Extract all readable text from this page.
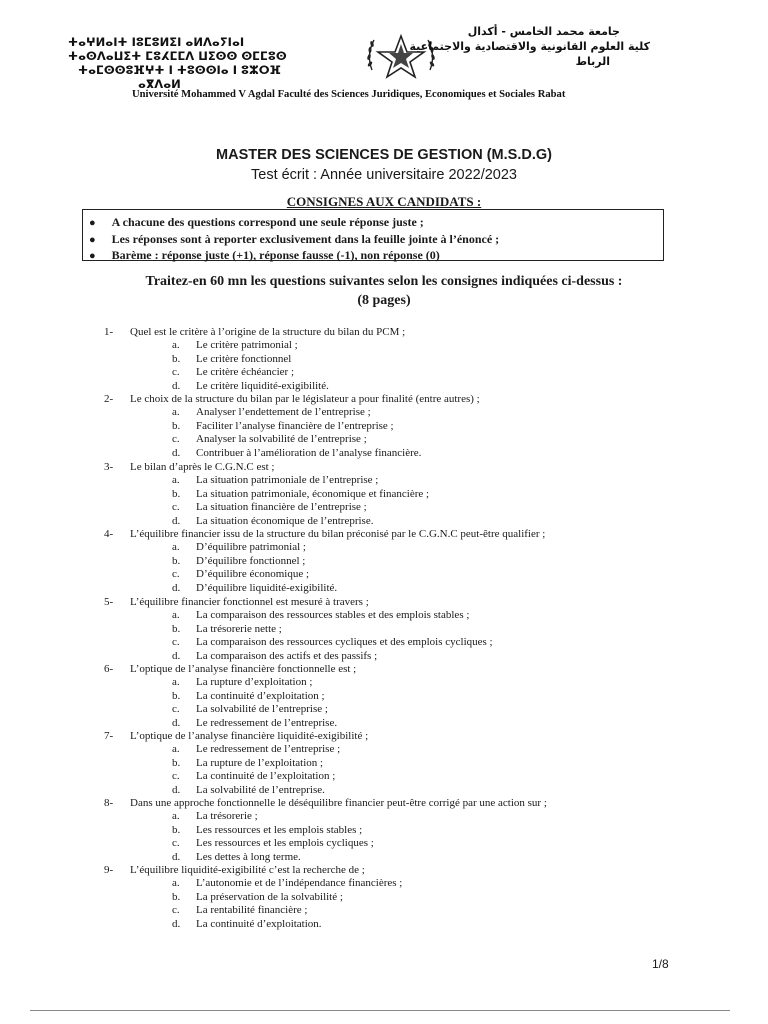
ⵜⴰⵖⵍⴰⵏⵜ ⵏⵓⵎⵓⵍⵉⵏ ⴰⵍⴷⴰⵢⵏⴰⵏ
ⵜⴰⵙⴷⴰⵡⵉⵜ ⵎⵓⵃⵎⵎⴷ ⵡⵉⵙⵙ ⵙⵎⵎⵓⵙ
ⵜⴰⵎⵙⵙⵓⴼⵖⵜ ⵏ ⵜⵓⵙⵙⵏⴰ ⵏ ⵓⵣⵔⴼ
ⴰⴳⴷⴰⵍ
جامعة محمد الخامس - أكدال
كلية العلوم القانونية والاقتصادية والاجتماعية
الرباط
Université Mohammed V Agdal Faculté des Sciences Juridiques, Economiques et Sociales Rabat
MASTER DES SCIENCES DE GESTION (M.S.D.G)
Test écrit : Année universitaire 2022/2023
CONSIGNES AUX CANDIDATS :
● A chacune des questions correspond une seule réponse juste ;
● Les réponses sont à reporter exclusivement dans la feuille jointe à l’énoncé ;
● Barème : réponse juste (+1), réponse fausse (-1), non réponse (0)
Traitez-en 60 mn les questions suivantes selon les consignes indiquées ci-dessus :
(8 pages)
1- Quel est le critère à l’origine de la structure du bilan du PCM ;
a. Le critère patrimonial ;
b. Le critère fonctionnel
c. Le critère échéancier ;
d. Le critère liquidité-exigibilité.
2- Le choix de la structure du bilan par le législateur a pour finalité (entre autres) ;
a. Analyser l’endettement de l’entreprise ;
b. Faciliter l’analyse financière de l’entreprise ;
c. Analyser la solvabilité de l’entreprise ;
d. Contribuer à l’amélioration de l’analyse financière.
3- Le bilan d’après le C.G.N.C est ;
a. La situation patrimoniale de l’entreprise ;
b. La situation patrimoniale, économique et financière ;
c. La situation financière de l’entreprise ;
d. La situation économique de l’entreprise.
4- L’équilibre financier issu de la structure du bilan préconisé par le C.G.N.C peut-être qualifier ;
a. D’équilibre patrimonial ;
b. D’équilibre fonctionnel ;
c. D’équilibre économique ;
d. D’équilibre liquidité-exigibilité.
5- L’équilibre financier fonctionnel est mesuré à travers ;
a. La comparaison des ressources stables et des emplois stables ;
b. La trésorerie nette ;
c. La comparaison des ressources cycliques et des emplois cycliques ;
d. La comparaison des actifs et des passifs ;
6- L’optique de l’analyse financière fonctionnelle est ;
a. La rupture d’exploitation ;
b. La continuité d’exploitation ;
c. La solvabilité de l’entreprise ;
d. Le redressement de l’entreprise.
7- L’optique de l’analyse financière liquidité-exigibilité ;
a. Le redressement de l’entreprise ;
b. La rupture de l’exploitation ;
c. La continuité de l’exploitation ;
d. La solvabilité de l’entreprise.
8- Dans une approche fonctionnelle le déséquilibre financier peut-être corrigé par une action sur ;
a. La trésorerie ;
b. Les ressources et les emplois stables ;
c. Les ressources et les emplois cycliques ;
d. Les dettes à long terme.
9- L’équilibre liquidité-exigibilité c’est la recherche de ;
a. L’autonomie et de l’indépendance financières ;
b. La préservation de la solvabilité ;
c. La rentabilité financière ;
d. La continuité d’exploitation.
1/8
